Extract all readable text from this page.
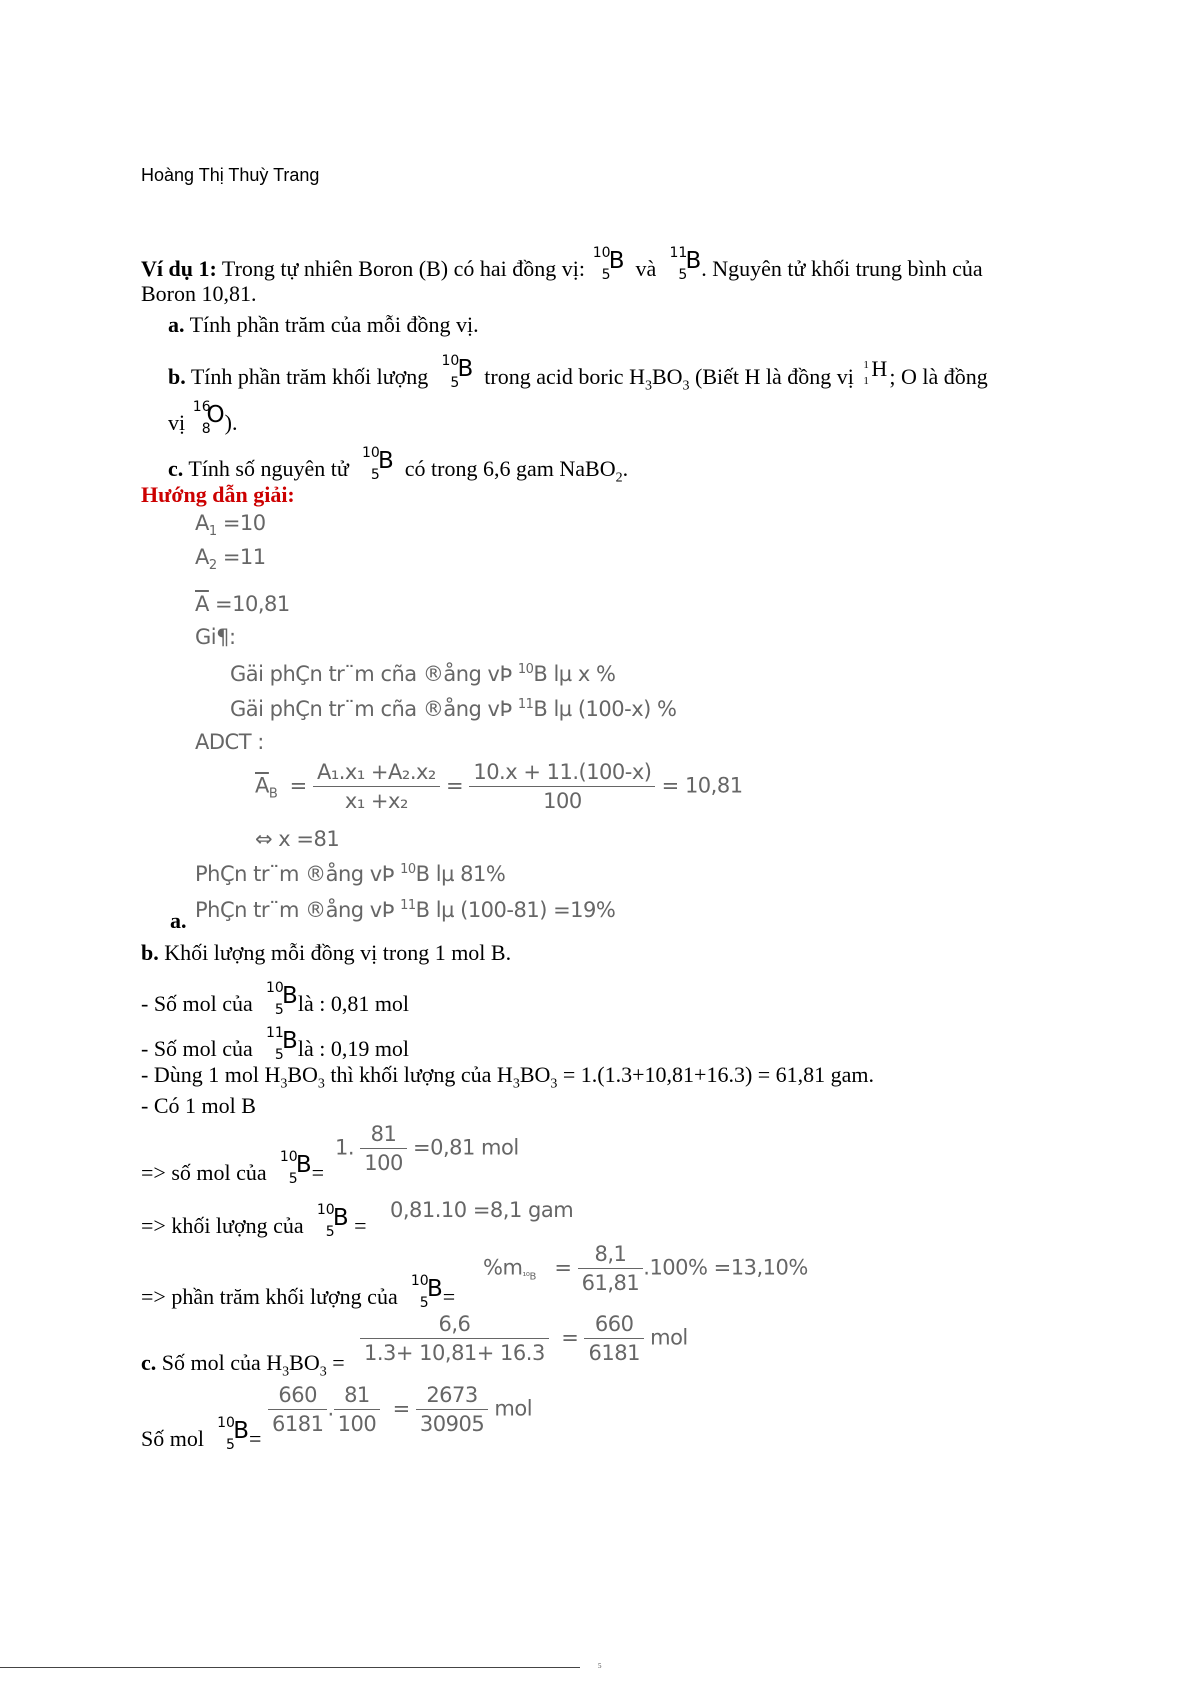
Hoàng Thị Thuỳ Trang
Ví dụ 1: Trong tự nhiên Boron (B) có hai đồng vị:
10
5
B và
11
5
B . Nguyên tử khối trung bình của
Boron 10,81.
a. Tính phần trăm của mỗi đồng vị.
b. Tính phần trăm khối lượng
10
5
B trong acid boric $H_3BO_3$ (Biết H là đồng vị 1
1 H ; O là đồng
vị
16
8
O ).
c. Tính số nguyên tử
10
5
B có trong 6,6 gam NaBO$_2$.
Hướng dẫn giải:
$A_1 =10$
$A_2 =11$
$\overline{A} =10,81$
Gi¶:
Gäi phÇn tr¨m cña ®ång vÞ $^{10}$B lµ x %
Gäi phÇn tr¨m cña ®ång vÞ $^{11}$B lµ (100-x) %
ADCT :
$\overline{A}_B = \frac{\text{A₁.x₁ +A₂.x₂}}{\text{x₁ +x₂}} = \frac{10.x + 11.(100-x)}{100} = 10,81$
⇔ x =81
PhÇn tr¨m ®ång vÞ $^{10}$B lµ 81%
PhÇn tr¨m ®ång vÞ $^{11}$B lµ (100-81) =19%
a.
b. Khối lượng mỗi đồng vị trong 1 mol B.
- Số mol của
10
5
B là : 0,81 mol
- Số mol của
11
5
B là : 0,19 mol
- Dùng 1 mol $H_3BO_3$ thì khối lượng của $H_3BO_3 = 1.(1.3+10,81+16.3) = 61,81$ gam.
- Có 1 mol B
=> số mol của
10
5
B =
1. $\frac{81}{100} =0,81$ mol
=> khối lượng của
10
5
B =
0,81.10 =8,1 gam
=> phần trăm khối lượng của
10
5
B =
$\%m_{^{10}B} = \frac{8,1}{61,81} .100\% =13,10\%$
c. Số mol của $H_3BO_3 = \frac{6,6}{1.3+ 10,81+ 16.3} = \frac{660}{6181}$ mol
Số mol
10
5
B =
$\frac{660}{6181}$ . $\frac{81}{100} = \frac{2673}{30905}$ mol
5
